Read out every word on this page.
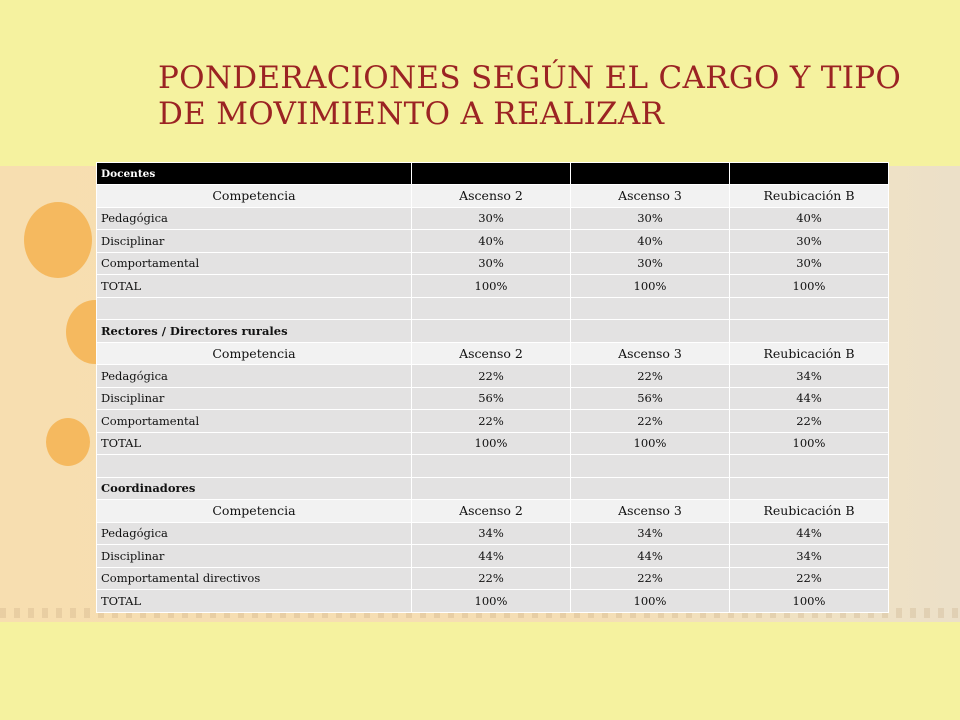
PONDERACIONES SEGÚN EL CARGO Y TIPO
DE MOVIMIENTO A REALIZAR
Docentes			
Competencia	Ascenso 2	Ascenso 3	Reubicación B
Pedagógica	30%	30%	40%
Disciplinar	40%	40%	30%
Comportamental	30%	30%	30%
TOTAL	100%	100%	100%

Rectores / Directores rurales			
Competencia	Ascenso 2	Ascenso 3	Reubicación B
Pedagógica	22%	22%	34%
Disciplinar	56%	56%	44%
Comportamental	22%	22%	22%
TOTAL	100%	100%	100%

Coordinadores			
Competencia	Ascenso 2	Ascenso 3	Reubicación B
Pedagógica	34%	34%	44%
Disciplinar	44%	44%	34%
Comportamental directivos	22%	22%	22%
TOTAL	100%	100%	100%
